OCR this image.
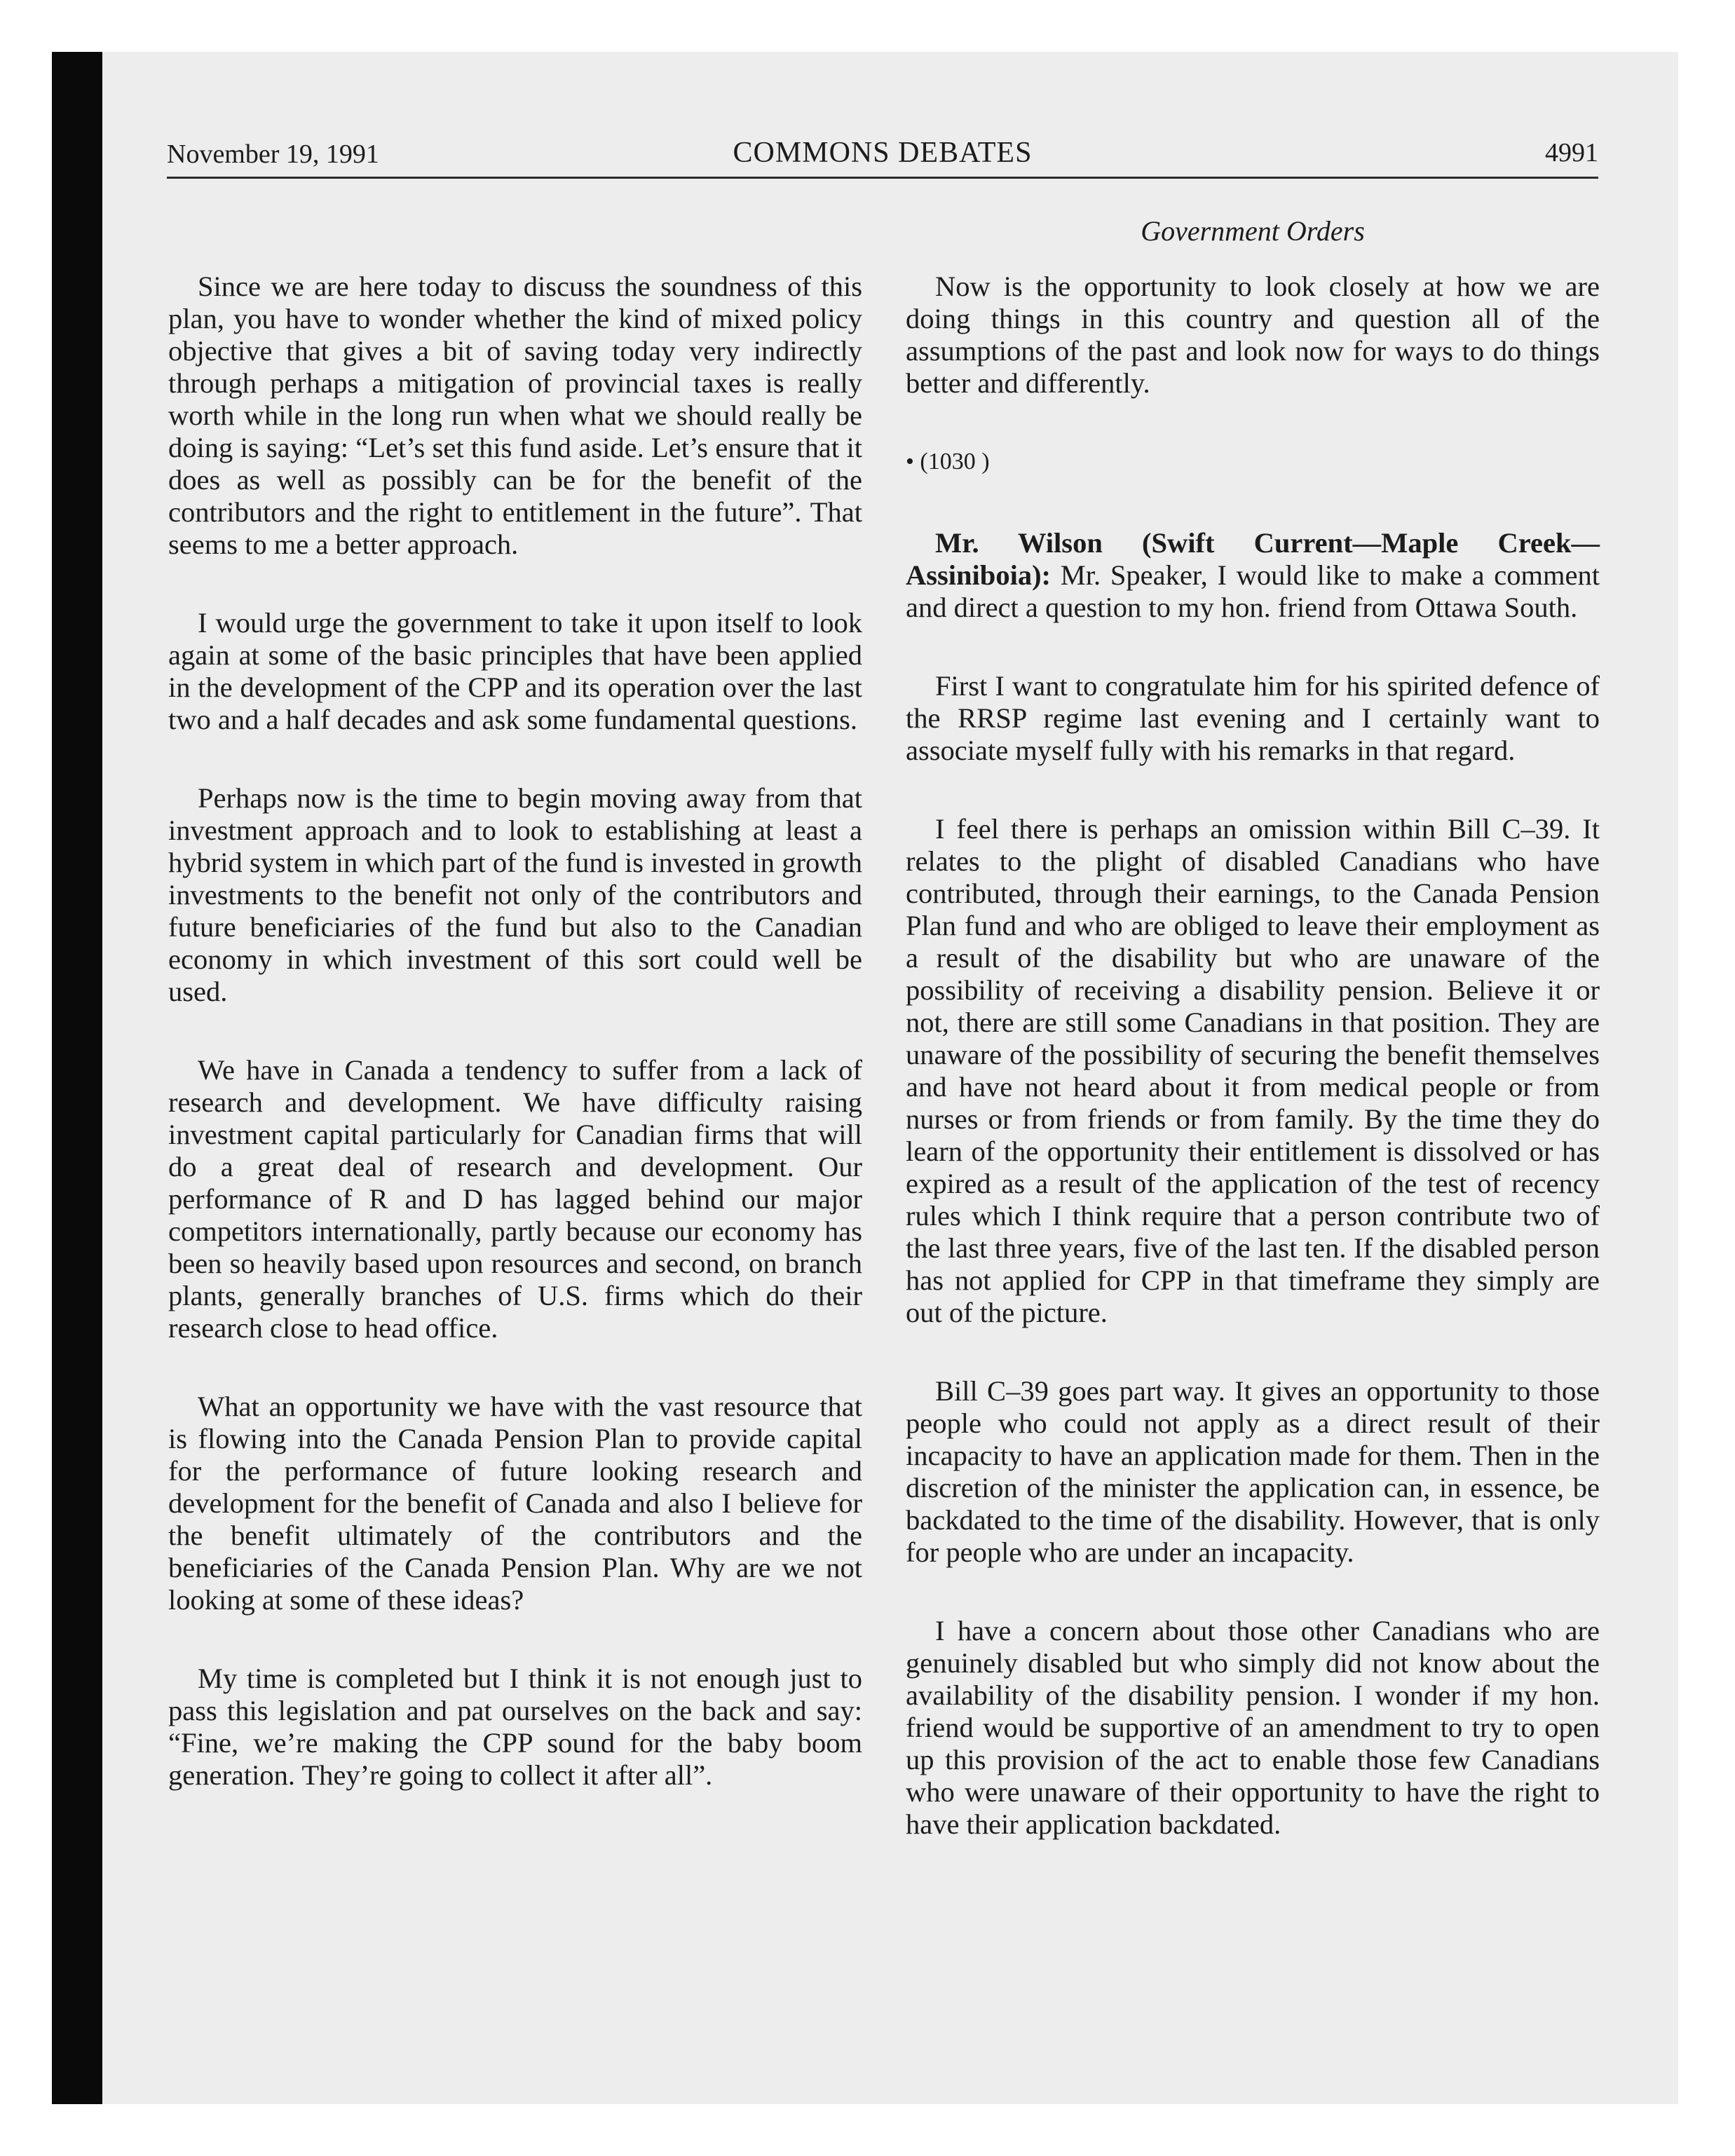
November 19, 1991	COMMONS DEBATES	4991
Government Orders

Since we are here today to discuss the soundness of this plan, you have to wonder whether the kind of mixed policy objective that gives a bit of saving today very indirectly through perhaps a mitigation of provincial taxes is really worth while in the long run when what we should really be doing is saying: “Let’s set this fund aside. Let’s ensure that it does as well as possibly can be for the benefit of the contributors and the right to entitlement in the future”. That seems to me a better approach.

I would urge the government to take it upon itself to look again at some of the basic principles that have been applied in the development of the CPP and its operation over the last two and a half decades and ask some fundamental questions.

Perhaps now is the time to begin moving away from that investment approach and to look to establishing at least a hybrid system in which part of the fund is invested in growth investments to the benefit not only of the contributors and future beneficiaries of the fund but also to the Canadian economy in which investment of this sort could well be used.

We have in Canada a tendency to suffer from a lack of research and development. We have difficulty raising investment capital particularly for Canadian firms that will do a great deal of research and development. Our performance of R and D has lagged behind our major competitors internationally, partly because our economy has been so heavily based upon resources and second, on branch plants, generally branches of U.S. firms which do their research close to head office.

What an opportunity we have with the vast resource that is flowing into the Canada Pension Plan to provide capital for the performance of future looking research and development for the benefit of Canada and also I believe for the benefit ultimately of the contributors and the beneficiaries of the Canada Pension Plan. Why are we not looking at some of these ideas?

My time is completed but I think it is not enough just to pass this legislation and pat ourselves on the back and say: “Fine, we’re making the CPP sound for the baby boom generation. They’re going to collect it after all”.

Now is the opportunity to look closely at how we are doing things in this country and question all of the assumptions of the past and look now for ways to do things better and differently.

• (1030 )

Mr. Wilson (Swift Current—Maple Creek—Assiniboia): Mr. Speaker, I would like to make a comment and direct a question to my hon. friend from Ottawa South.

First I want to congratulate him for his spirited defence of the RRSP regime last evening and I certainly want to associate myself fully with his remarks in that regard.

I feel there is perhaps an omission within Bill C–39. It relates to the plight of disabled Canadians who have contributed, through their earnings, to the Canada Pension Plan fund and who are obliged to leave their employment as a result of the disability but who are unaware of the possibility of receiving a disability pension. Believe it or not, there are still some Canadians in that position. They are unaware of the possibility of securing the benefit themselves and have not heard about it from medical people or from nurses or from friends or from family. By the time they do learn of the opportunity their entitlement is dissolved or has expired as a result of the application of the test of recency rules which I think require that a person contribute two of the last three years, five of the last ten. If the disabled person has not applied for CPP in that timeframe they simply are out of the picture.

Bill C–39 goes part way. It gives an opportunity to those people who could not apply as a direct result of their incapacity to have an application made for them. Then in the discretion of the minister the application can, in essence, be backdated to the time of the disability. However, that is only for people who are under an incapacity.

I have a concern about those other Canadians who are genuinely disabled but who simply did not know about the availability of the disability pension. I wonder if my hon. friend would be supportive of an amendment to try to open up this provision of the act to enable those few Canadians who were unaware of their opportunity to have the right to have their application backdated.
